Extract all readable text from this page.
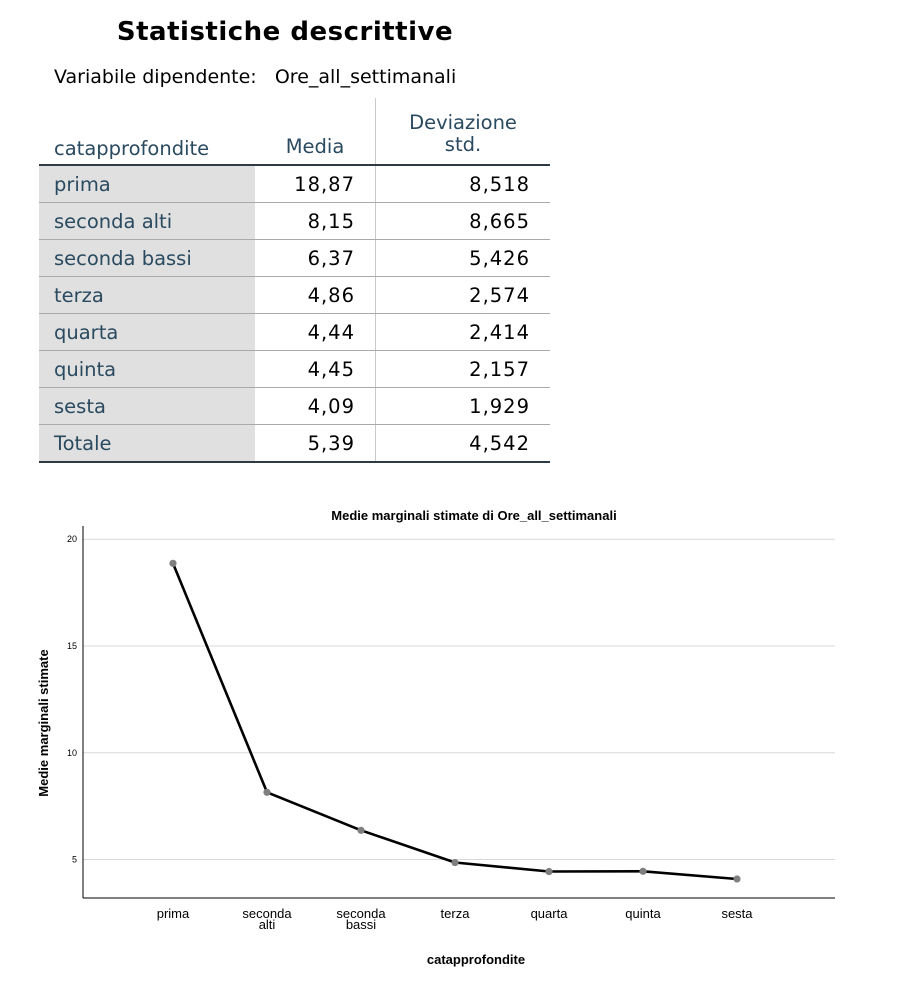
Statistiche descrittive
Variabile dipendente: Ore_all_settimanali
catapprofondite	Media	Deviazione
std.
prima	18,87	8,518
seconda alti	8,15	8,665
seconda bassi	6,37	5,426
terza	4,86	2,574
quarta	4,44	2,414
quinta	4,45	2,157
sesta	4,09	1,929
Totale	5,39	4,542
Medie marginali stimate di Ore_all_settimanali
5
10
15
20
prima	seconda
alti
seconda
bassi
terza	quarta	quinta	sesta
catapprofondite
Medie marginali stimate
